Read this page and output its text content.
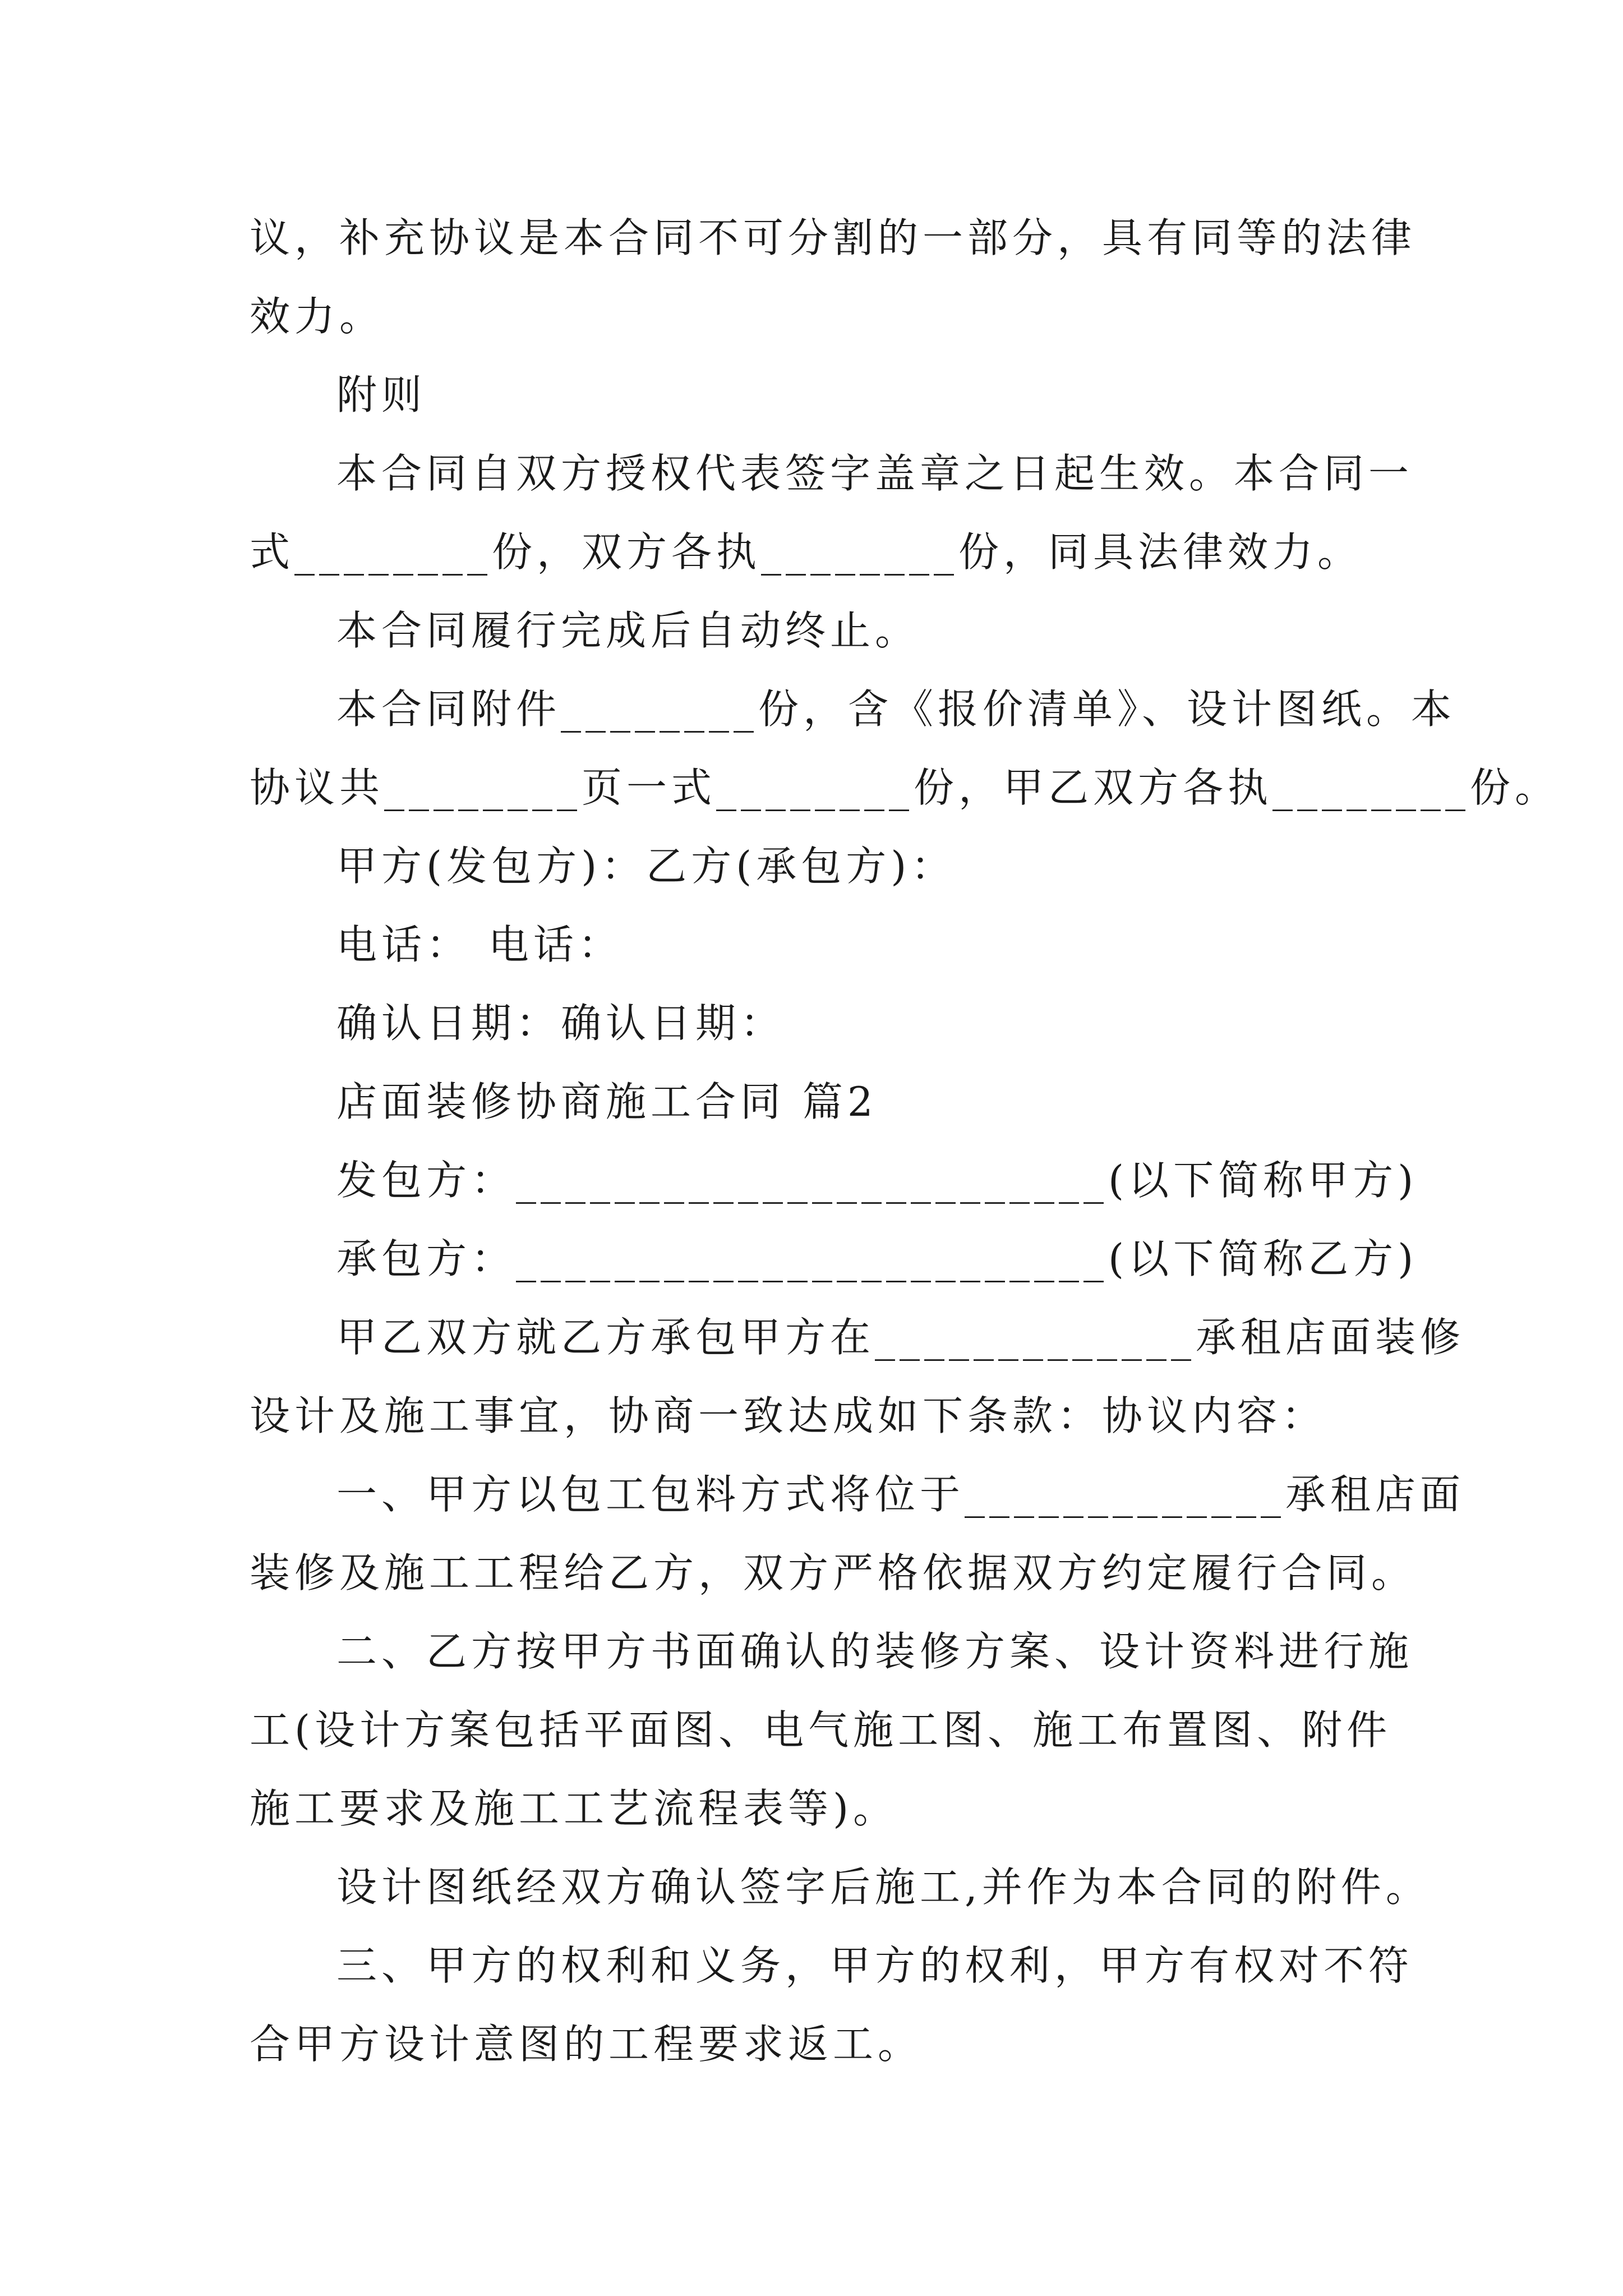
议，补充协议是本合同不可分割的一部分，具有同等的法律

效力。

附则

本合同自双方授权代表签字盖章之日起生效。本合同一

式________份，双方各执________份，同具法律效力。

本合同履行完成后自动终止。

本合同附件________份，含《报价清单》、设计图纸。本

协议共________页一式________份，甲乙双方各执________份。

甲方(发包方)：乙方(承包方)：

电话： 电话：

确认日期：确认日期：

店面装修协商施工合同 篇2

发包方：________________________(以下简称甲方)

承包方：________________________(以下简称乙方)

甲乙双方就乙方承包甲方在_____________承租店面装修

设计及施工事宜，协商一致达成如下条款：协议内容：

一、甲方以包工包料方式将位于_____________承租店面

装修及施工工程给乙方，双方严格依据双方约定履行合同。

二、乙方按甲方书面确认的装修方案、设计资料进行施

工(设计方案包括平面图、电气施工图、施工布置图、附件

施工要求及施工工艺流程表等)。

设计图纸经双方确认签字后施工,并作为本合同的附件。

三、甲方的权利和义务，甲方的权利，甲方有权对不符

合甲方设计意图的工程要求返工。
